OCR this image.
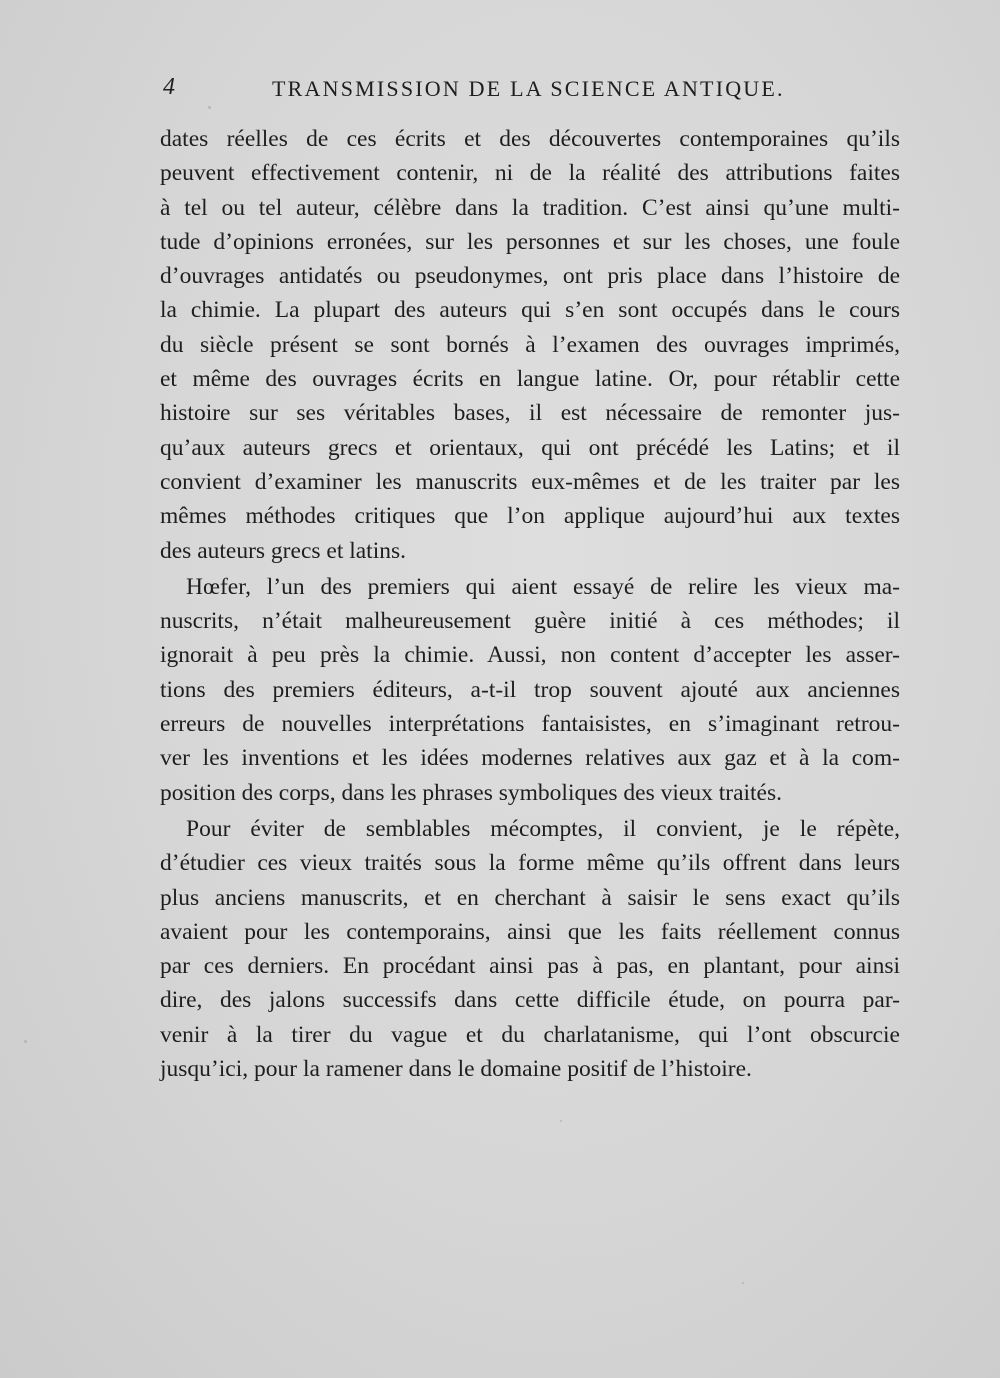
4	TRANSMISSION DE LA SCIENCE ANTIQUE.
dates réelles de ces écrits et des découvertes contemporaines qu’ils
peuvent effectivement contenir, ni de la réalité des attributions faites
à tel ou tel auteur, célèbre dans la tradition. C’est ainsi qu’une multi-
tude d’opinions erronées, sur les personnes et sur les choses, une foule
d’ouvrages antidatés ou pseudonymes, ont pris place dans l’histoire de
la chimie. La plupart des auteurs qui s’en sont occupés dans le cours
du siècle présent se sont bornés à l’examen des ouvrages imprimés,
et même des ouvrages écrits en langue latine. Or, pour rétablir cette
histoire sur ses véritables bases, il est nécessaire de remonter jus-
qu’aux auteurs grecs et orientaux, qui ont précédé les Latins; et il
convient d’examiner les manuscrits eux-mêmes et de les traiter par les
mêmes méthodes critiques que l’on applique aujourd’hui aux textes
des auteurs grecs et latins.
Hœfer, l’un des premiers qui aient essayé de relire les vieux ma-
nuscrits, n’était malheureusement guère initié à ces méthodes; il
ignorait à peu près la chimie. Aussi, non content d’accepter les asser-
tions des premiers éditeurs, a-t-il trop souvent ajouté aux anciennes
erreurs de nouvelles interprétations fantaisistes, en s’imaginant retrou-
ver les inventions et les idées modernes relatives aux gaz et à la com-
position des corps, dans les phrases symboliques des vieux traités.
Pour éviter de semblables mécomptes, il convient, je le répète,
d’étudier ces vieux traités sous la forme même qu’ils offrent dans leurs
plus anciens manuscrits, et en cherchant à saisir le sens exact qu’ils
avaient pour les contemporains, ainsi que les faits réellement connus
par ces derniers. En procédant ainsi pas à pas, en plantant, pour ainsi
dire, des jalons successifs dans cette difficile étude, on pourra par-
venir à la tirer du vague et du charlatanisme, qui l’ont obscurcie
jusqu’ici, pour la ramener dans le domaine positif de l’histoire.
